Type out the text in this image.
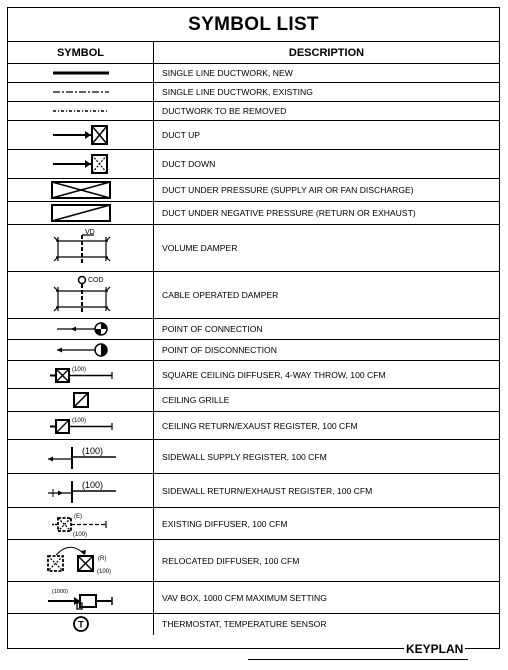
SYMBOL LIST
SYMBOL	DESCRIPTION

	SINGLE LINE DUCTWORK, NEW

	SINGLE LINE DUCTWORK, EXISTING

	DUCTWORK TO BE REMOVED

	DUCT UP

	DUCT DOWN

	DUCT UNDER PRESSURE (SUPPLY AIR OR FAN DISCHARGE)

	DUCT UNDER NEGATIVE PRESSURE (RETURN OR EXHAUST)

VD	VOLUME DAMPER

COD	CABLE OPERATED DAMPER

	POINT OF CONNECTION

	POINT OF DISCONNECTION

(100)	SQUARE CEILING DIFFUSER, 4-WAY THROW, 100 CFM

	CEILING GRILLE

(100)	CEILING RETURN/EXAUST REGISTER, 100 CFM

(100)	SIDEWALL SUPPLY REGISTER, 100 CFM

(100)	SIDEWALL RETURN/EXHAUST REGISTER, 100 CFM

(E)
(100)	EXISTING DIFFUSER, 100 CFM

(R)
(100)	RELOCATED DIFFUSER, 100 CFM

(1000)	VAV BOX, 1000 CFM MAXIMUM SETTING

T	THERMOSTAT, TEMPERATURE SENSOR
KEYPLAN
